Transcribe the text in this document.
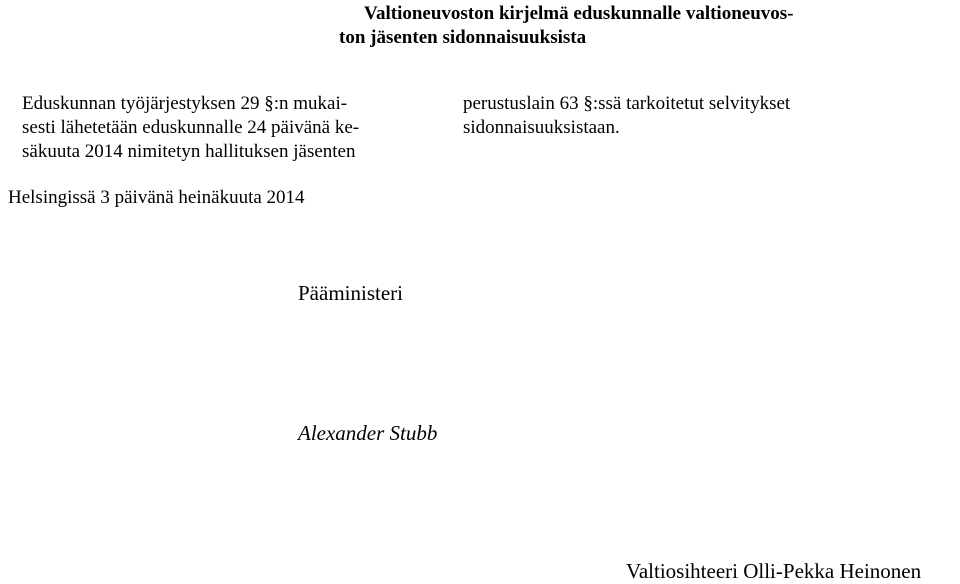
Valtioneuvoston kirjelmä eduskunnalle valtioneuvos-
ton jäsenten sidonnaisuuksista
Eduskunnan työjärjestyksen 29 §:n mukai-
sesti lähetetään eduskunnalle 24 päivänä ke-
säkuuta 2014 nimitetyn hallituksen jäsenten
perustuslain 63 §:ssä tarkoitetut selvitykset
sidonnaisuuksistaan.
Helsingissä 3 päivänä heinäkuuta 2014
Pääministeri
Alexander Stubb
Valtiosihteeri Olli-Pekka Heinonen
